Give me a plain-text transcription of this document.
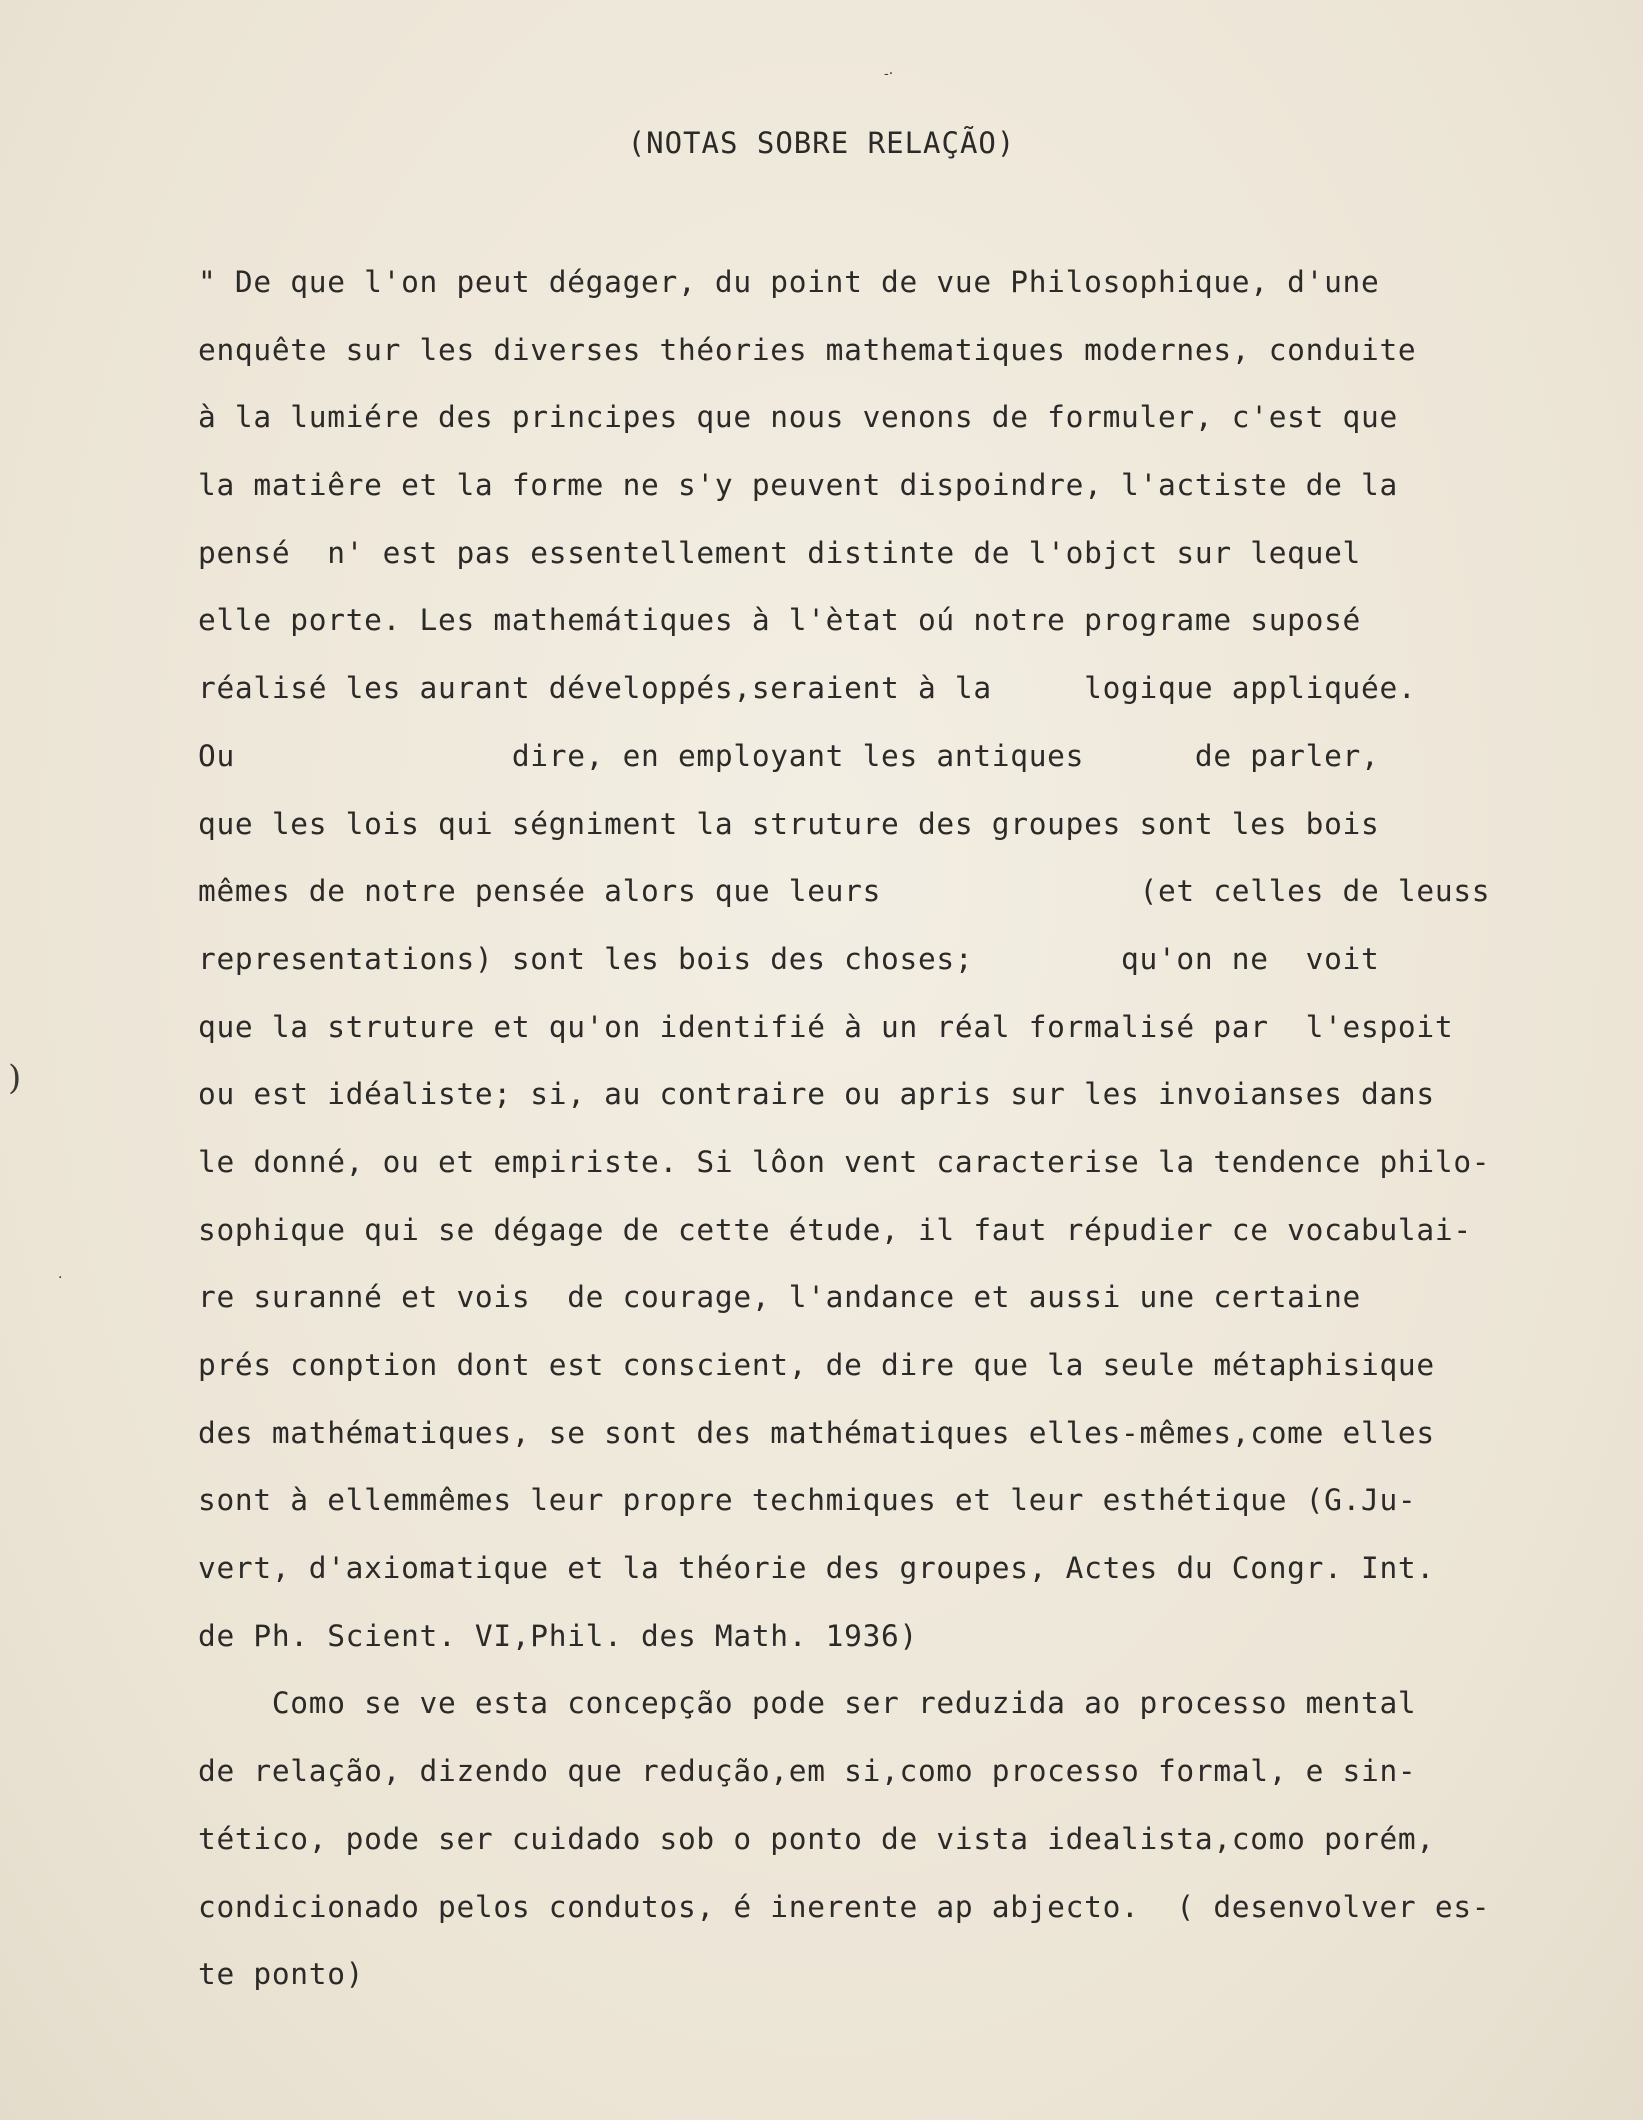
)
·
-·
(NOTAS SOBRE RELAÇÃO)
" De que l'on peut dégager, du point de vue Philosophique, d'une
enquête sur les diverses théories mathematiques modernes, conduite
à la lumiére des principes que nous venons de formuler, c'est que
la matiêre et la forme ne s'y peuvent dispoindre, l'actiste de la
pensé  n' est pas essentellement distinte de l'objct sur lequel
elle porte. Les mathemátiques à l'ètat oú notre programe suposé
réalisé les aurant développés,seraient à la     logique appliquée.
Ou               dire, en employant les antiques      de parler,
que les lois qui ségniment la struture des groupes sont les bois
mêmes de notre pensée alors que leurs              (et celles de leuss
representations) sont les bois des choses;        qu'on ne  voit
que la struture et qu'on identifié à un réal formalisé par  l'espoit
ou est idéaliste; si, au contraire ou apris sur les invoianses dans
le donné, ou et empiriste. Si lôon vent caracterise la tendence philo-
sophique qui se dégage de cette étude, il faut répudier ce vocabulai-
re suranné et vois  de courage, l'andance et aussi une certaine
prés conption dont est conscient, de dire que la seule métaphisique
des mathématiques, se sont des mathématiques elles-mêmes,come elles
sont à ellemmêmes leur propre techmiques et leur esthétique (G.Ju-
vert, d'axiomatique et la théorie des groupes, Actes du Congr. Int.
de Ph. Scient. VI,Phil. des Math. 1936)
Como se ve esta concepção pode ser reduzida ao processo mental
de relação, dizendo que redução,em si,como processo formal, e sin-
tético, pode ser cuidado sob o ponto de vista idealista,como porém,
condicionado pelos condutos, é inerente ap abjecto.  ( desenvolver es-
te ponto)
